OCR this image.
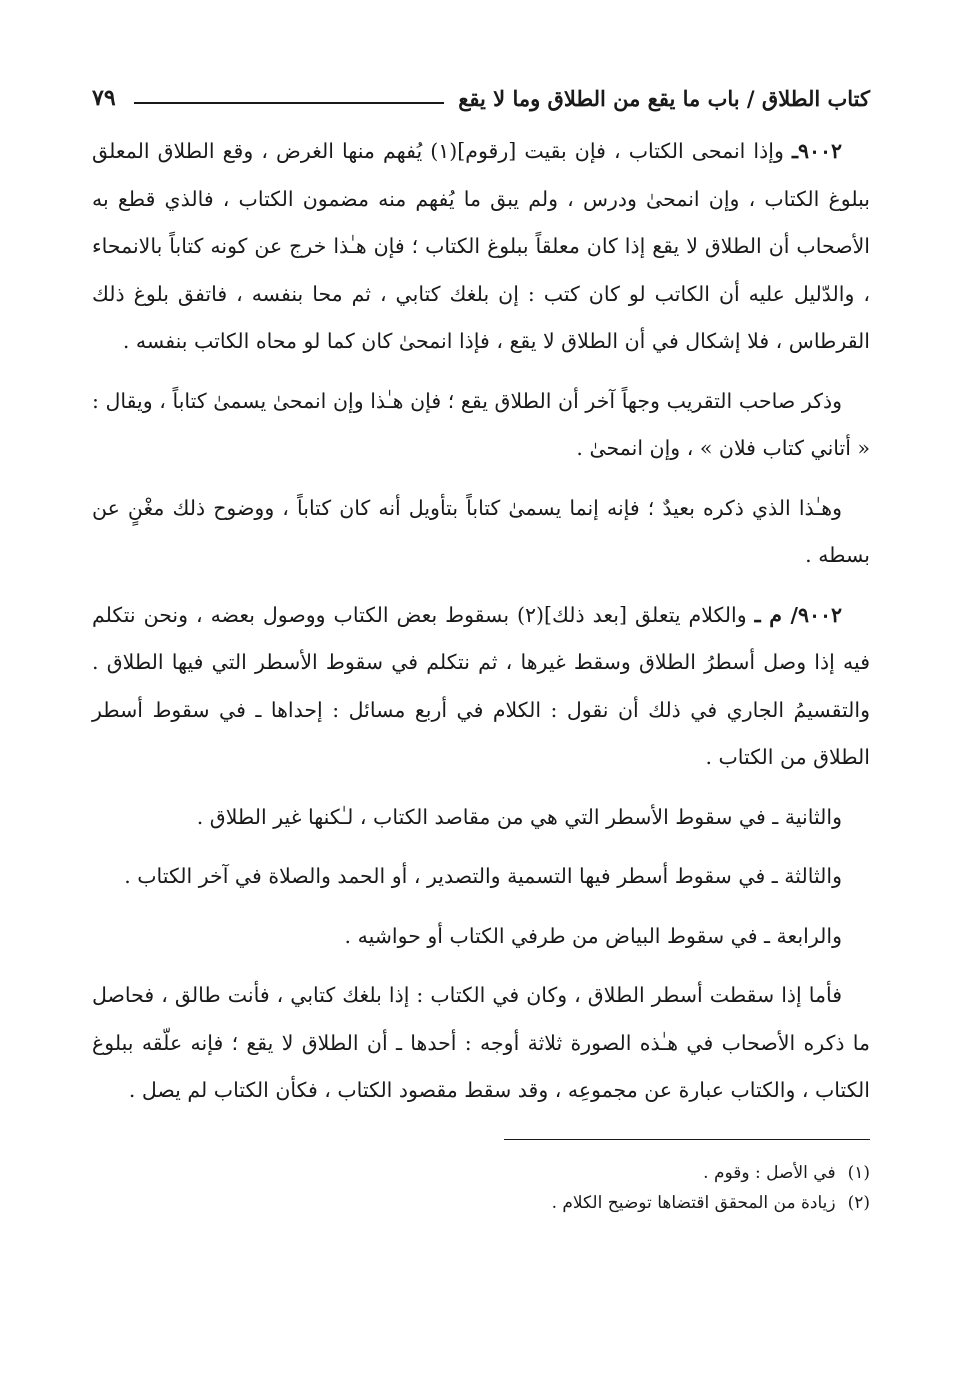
كتاب الطلاق / باب ما يقع من الطلاق وما لا يقع
٧٩

٩٠٠٢ـ وإذا انمحى الكتاب ، فإن بقيت [رقوم](١) يُفهم منها الغرض ، وقع الطلاق المعلق ببلوغ الكتاب ، وإن انمحىٰ ودرس ، ولم يبق ما يُفهم منه مضمون الكتاب ، فالذي قطع به الأصحاب أن الطلاق لا يقع إذا كان معلقاً ببلوغ الكتاب ؛ فإن هـٰذا خرج عن كونه كتاباً بالانمحاء ، والدّليل عليه أن الكاتب لو كان كتب : إن بلغك كتابي ، ثم محا بنفسه ، فاتفق بلوغ ذلك القرطاس ، فلا إشكال في أن الطلاق لا يقع ، فإذا انمحىٰ كان كما لو محاه الكاتب بنفسه .

وذكر صاحب التقريب وجهاً آخر أن الطلاق يقع ؛ فإن هـٰذا وإن انمحىٰ يسمىٰ كتاباً ، ويقال : « أتاني كتاب فلان » ، وإن انمحىٰ .

وهـٰذا الذي ذكره بعيدٌ ؛ فإنه إنما يسمىٰ كتاباً بتأويل أنه كان كتاباً ، ووضوح ذلك مغْنٍ عن بسطه .

٩٠٠٢/ م ـ والكلام يتعلق [بعد ذلك](٢) بسقوط بعض الكتاب ووصول بعضه ، ونحن نتكلم فيه إذا وصل أسطرُ الطلاق وسقط غيرها ، ثم نتكلم في سقوط الأسطر التي فيها الطلاق . والتقسيمُ الجاري في ذلك أن نقول : الكلام في أربع مسائل : إحداها ـ في سقوط أسطر الطلاق من الكتاب .

والثانية ـ في سقوط الأسطر التي هي من مقاصد الكتاب ، لـٰكنها غير الطلاق .

والثالثة ـ في سقوط أسطر فيها التسمية والتصدير ، أو الحمد والصلاة في آخر الكتاب .

والرابعة ـ في سقوط البياض من طرفي الكتاب أو حواشيه .

فأما إذا سقطت أسطر الطلاق ، وكان في الكتاب : إذا بلغك كتابي ، فأنت طالق ، فحاصل ما ذكره الأصحاب في هـٰذه الصورة ثلاثة أوجه : أحدها ـ أن الطلاق لا يقع ؛ فإنه علّقه ببلوغ الكتاب ، والكتاب عبارة عن مجموعِه ، وقد سقط مقصود الكتاب ، فكأن الكتاب لم يصل .

(١)
في الأصل : وقوم .
(٢)
زيادة من المحقق اقتضاها توضيح الكلام .
